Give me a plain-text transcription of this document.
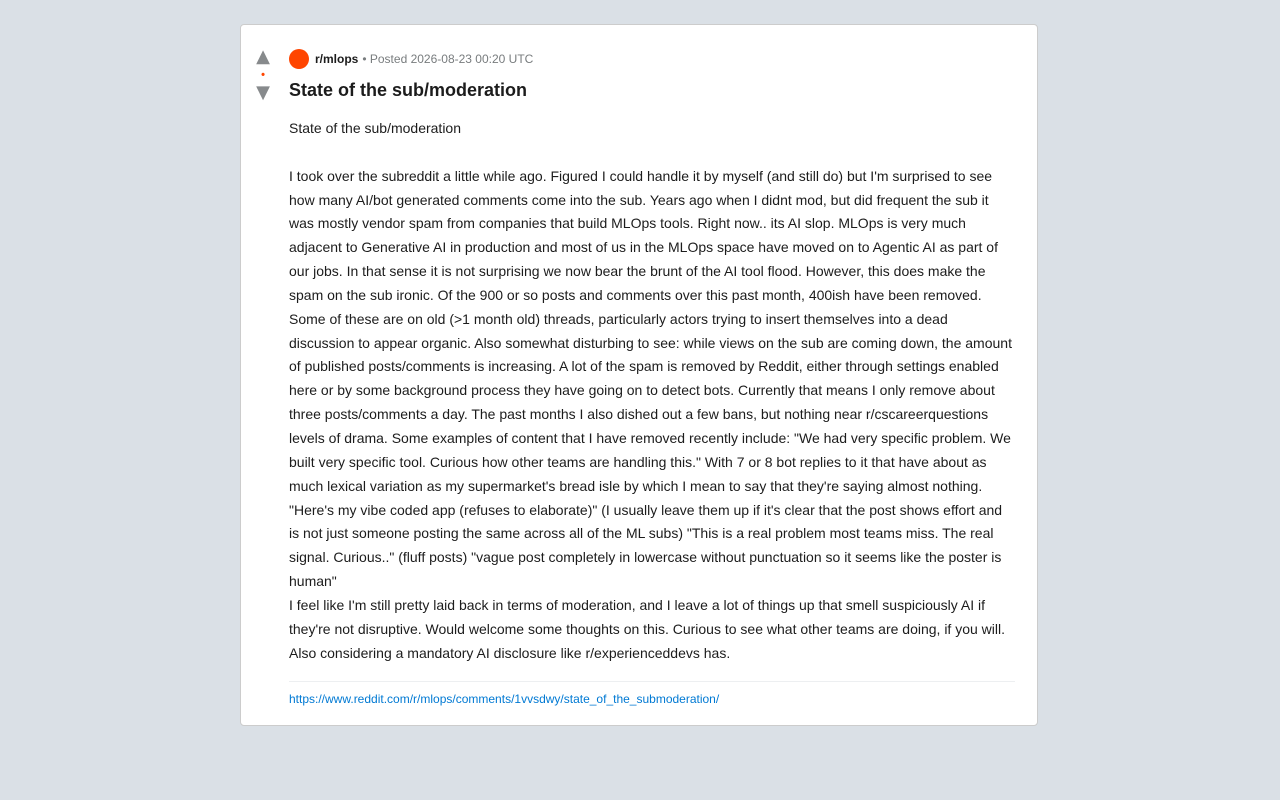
▲
•
▼
r/mlops • Posted 2026-08-23 00:20 UTC
State of the sub/moderation
State of the sub/moderation

I took over the subreddit a little while ago. Figured I could handle it by myself (and still do) but I'm surprised to see how many AI/bot generated comments come into the sub. Years ago when I didnt mod, but did frequent the sub it was mostly vendor spam from companies that build MLOps tools. Right now.. its AI slop. MLOps is very much adjacent to Generative AI in production and most of us in the MLOps space have moved on to Agentic AI as part of our jobs. In that sense it is not surprising we now bear the brunt of the AI tool flood. However, this does make the spam on the sub ironic. Of the 900 or so posts and comments over this past month, 400ish have been removed. Some of these are on old (>1 month old) threads, particularly actors trying to insert themselves into a dead discussion to appear organic. Also somewhat disturbing to see: while views on the sub are coming down, the amount of published posts/comments is increasing. A lot of the spam is removed by Reddit, either through settings enabled here or by some background process they have going on to detect bots. Currently that means I only remove about three posts/comments a day. The past months I also dished out a few bans, but nothing near r/cscareerquestions levels of drama. Some examples of content that I have removed recently include: "We had very specific problem. We built very specific tool. Curious how other teams are handling this." With 7 or 8 bot replies to it that have about as much lexical variation as my supermarket's bread isle by which I mean to say that they're saying almost nothing. "Here's my vibe coded app (refuses to elaborate)" (I usually leave them up if it's clear that the post shows effort and is not just someone posting the same across all of the ML subs) "This is a real problem most teams miss. The real signal. Curious.." (fluff posts) "vague post completely in lowercase without punctuation so it seems like the poster is human"
I feel like I'm still pretty laid back in terms of moderation, and I leave a lot of things up that smell suspiciously AI if they're not disruptive. Would welcome some thoughts on this. Curious to see what other teams are doing, if you will. Also considering a mandatory AI disclosure like r/experienceddevs has.
https://www.reddit.com/r/mlops/comments/1vvsdwy/state_of_the_submoderation/
